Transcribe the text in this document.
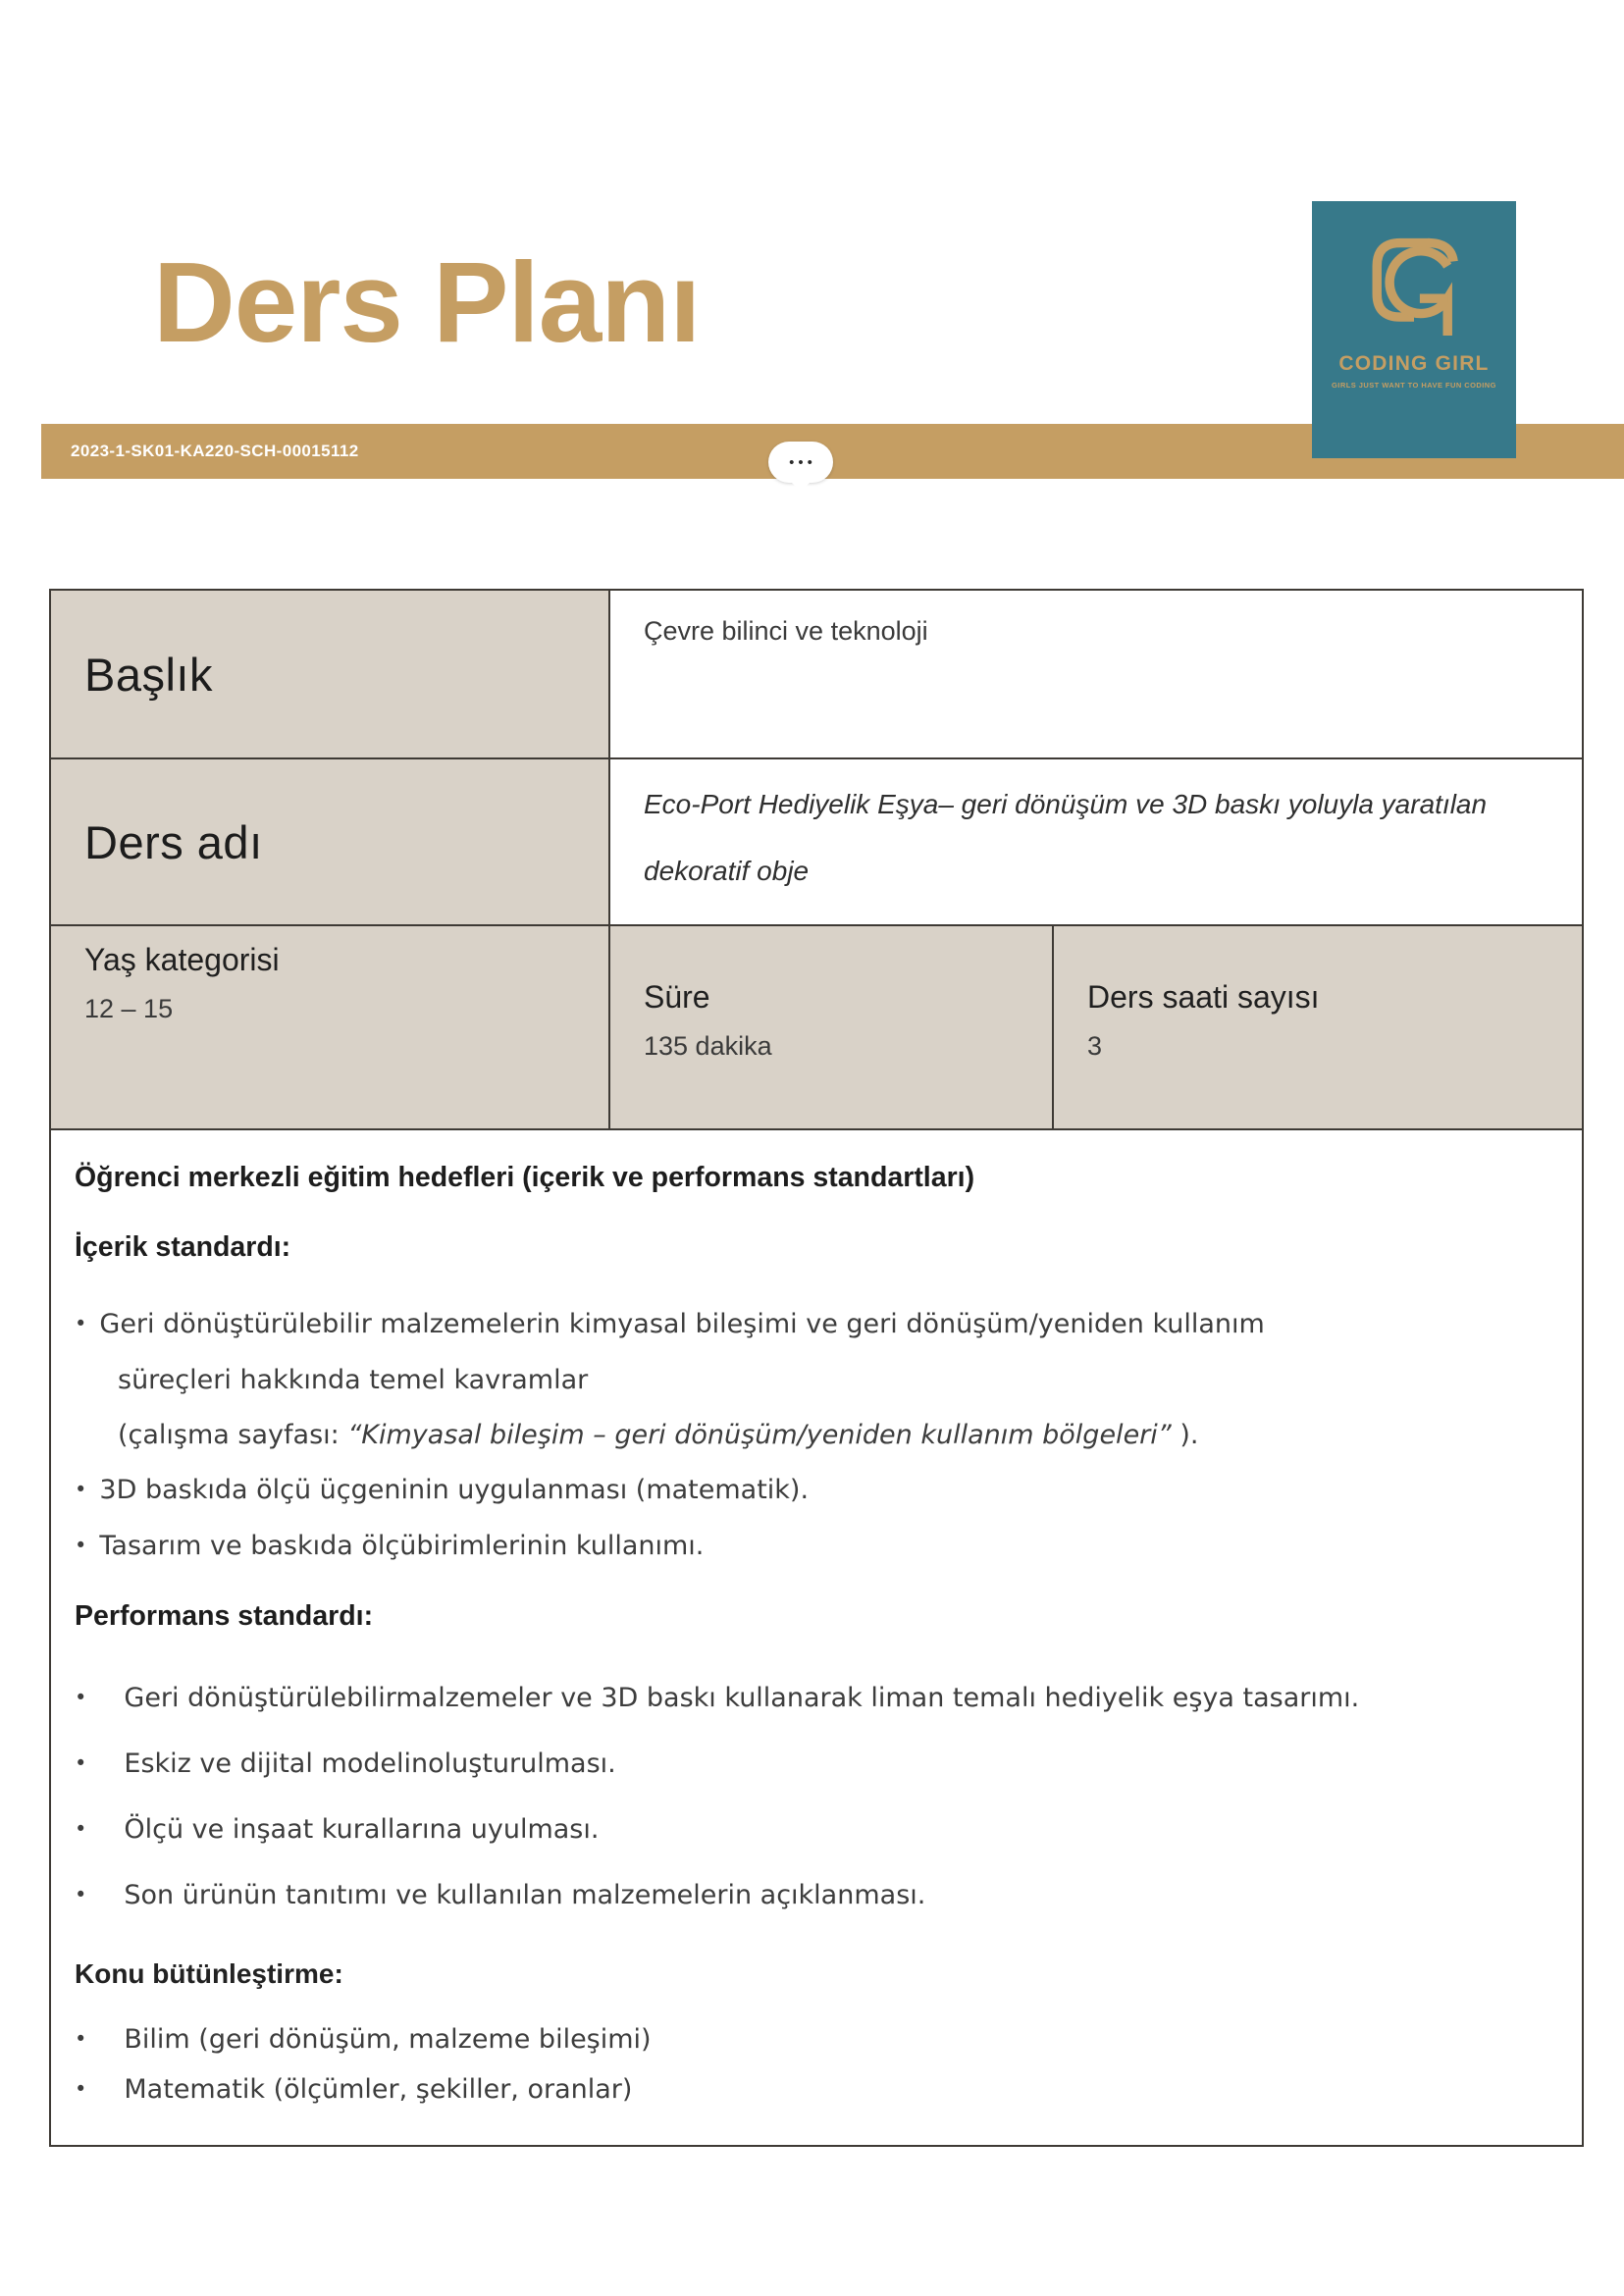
Ders Planı
2023-1-SK01-KA220-SCH-00015112
•••
CODING GIRL
GIRLS JUST WANT TO HAVE FUN CODING
Başlık
Çevre bilinci ve teknoloji
Ders adı

Eco-Port Hediyelik Eşya– geri dönüşüm ve 3D baskı yoluyla yaratılan

dekoratif obje

Yaş kategorisi
12 – 15	Süre
135 dakika
Ders saati sayısı
3
Öğrenci merkezli eğitim hedefleri (içerik ve performans standartları)
İçerik standardı:

• Geri dönüştürülebilir malzemelerin kimyasal bileşimi ve geri dönüşüm/yeniden kullanım

süreçleri hakkında temel kavramlar

(çalışma sayfası: “Kimyasal bileşim – geri dönüşüm/yeniden kullanım bölgeleri” ).

• 3D baskıda ölçü üçgeninin uygulanması (matematik).

• Tasarım ve baskıda ölçübirimlerinin kullanımı.

Performans standardı:

• Geri dönüştürülebilirmalzemeler ve 3D baskı kullanarak liman temalı hediyelik eşya tasarımı.

• Eskiz ve dijital modelinoluşturulması.

• Ölçü ve inşaat kurallarına uyulması.

• Son ürünün tanıtımı ve kullanılan malzemelerin açıklanması.

Konu bütünleştirme:

• Bilim (geri dönüşüm, malzeme bileşimi)

• Matematik (ölçümler, şekiller, oranlar)
